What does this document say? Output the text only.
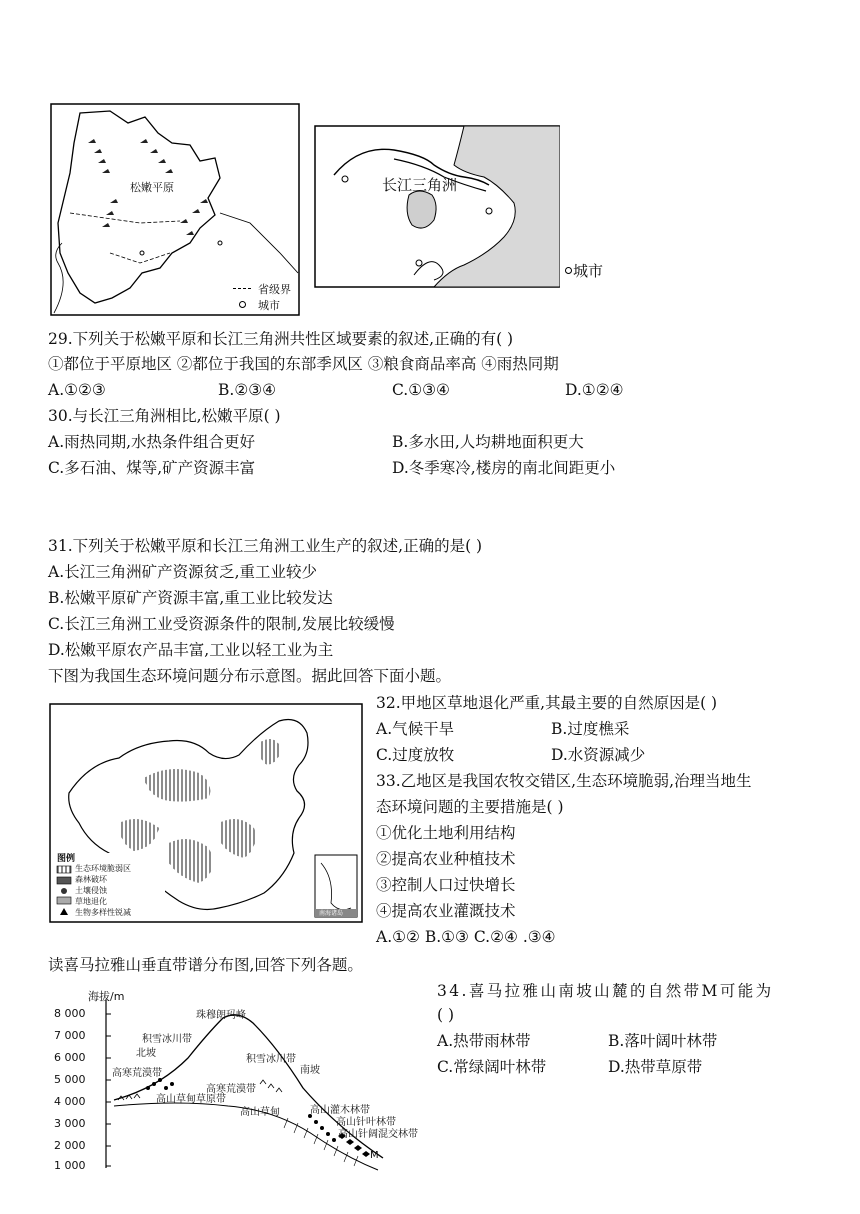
松嫩平原
省级界
城市
长江三角洲
城市
29.下列关于松嫩平原和长江三角洲共性区域要素的叙述,正确的有( )
①都位于平原地区 ②都位于我国的东部季风区 ③粮食商品率高 ④雨热同期
A.①②③	B.②③④	C.①③④	D.①②④
30.与长江三角洲相比,松嫩平原( )
A.雨热同期,水热条件组合更好	B.多水田,人均耕地面积更大
C.多石油、煤等,矿产资源丰富	D.冬季寒冷,楼房的南北间距更小
31.下列关于松嫩平原和长江三角洲工业生产的叙述,正确的是( )
A.长江三角洲矿产资源贫乏,重工业较少
B.松嫩平原矿产资源丰富,重工业比较发达
C.长江三角洲工业受资源条件的限制,发展比较缓慢
D.松嫩平原农产品丰富,工业以轻工业为主
下图为我国生态环境问题分布示意图。据此回答下面小题。
图例
生态环境脆弱区
森林破坏
土壤侵蚀
草地退化
生物多样性锐减	南海诸岛
32.甲地区草地退化严重,其最主要的自然原因是( )
A.气候干旱	B.过度樵采
C.过度放牧	D.水资源减少
33.乙地区是我国农牧交错区,生态环境脆弱,治理当地生
态环境问题的主要措施是( )
①优化土地利用结构
②提高农业种植技术
③控制人口过快增长
④提高农业灌溉技术
A.①② B.①③ C.②④ .③④
读喜马拉雅山垂直带谱分布图,回答下列各题。
海拔/m
8 000
7 000
6 000
5 000
4 000
3 000
2 000
1 000
珠穆朗玛峰
积雪冰川带
北坡
高寒荒漠带
积雪冰川带
南坡
高寒荒漠带
高山草甸草原带
高山草甸	高山灌木林带
高山针叶林带
高山针阔混交林带
M
34.喜马拉雅山南坡山麓的自然带M可能为
( )
A.热带雨林带	B.落叶阔叶林带
C.常绿阔叶林带	D.热带草原带
